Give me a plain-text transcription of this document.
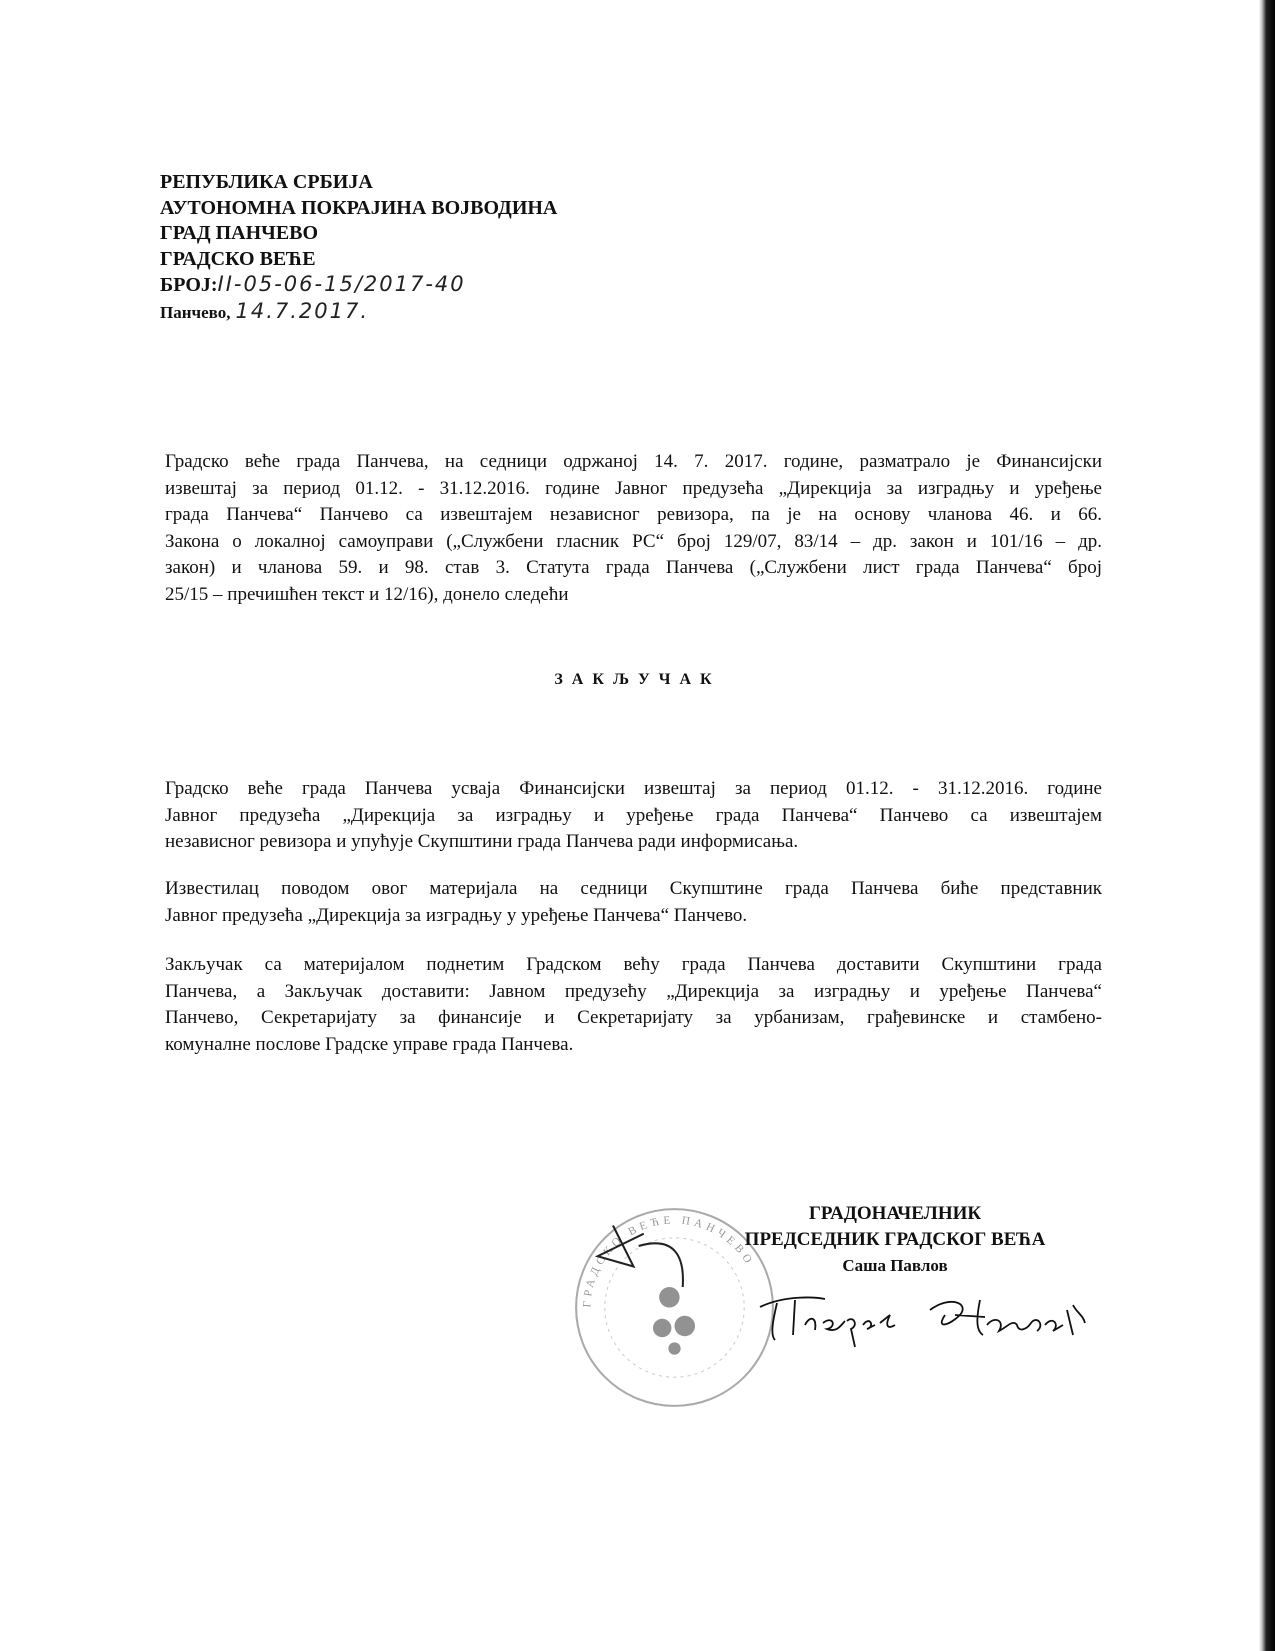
РЕПУБЛИКА СРБИЈА
АУТОНОМНА ПОКРАЈИНА ВОЈВОДИНА
ГРАД ПАНЧЕВО
ГРАДСКО ВЕЋЕ
БРОЈ:II-05-06-15/2017-40
Панчево, 14.7.2017.
Градско веће града Панчева, на седници одржаној 14. 7. 2017. године, разматрало је Финансијски
извештај за период 01.12. - 31.12.2016. године Јавног предузећа „Дирекција за изградњу и уређење
града Панчева“ Панчево са извештајем независног ревизора, па је на основу чланова 46. и 66.
Закона о локалној самоуправи („Службени гласник РС“ број 129/07, 83/14 – др. закон и 101/16 – др.
закон) и чланова 59. и 98. став 3. Статута града Панчева („Службени лист града Панчева“ број
25/15 – пречишћен текст и 12/16), донело следећи
ЗАКЉУЧАК
Градско веће града Панчева усваја Финансијски извештај за период 01.12. - 31.12.2016. године
Јавног предузећа „Дирекција за изградњу и уређење града Панчева“ Панчево са извештајем
независног ревизора и упућује Скупштини града Панчева ради информисања.
Известилац поводом овог материјала на седници Скупштине града Панчева биће представник
Јавног предузећа „Дирекција за изградњу у уређење Панчева“ Панчево.
Закључак са материјалом поднетим Градском већу града Панчева доставити Скупштини града
Панчева, а Закључак доставити: Јавном предузећу „Дирекција за изградњу и уређење Панчева“
Панчево, Секретаријату за финансије и Секретаријату за урбанизам, грађевинске и стамбено-
комуналне послове Градске управе града Панчева.
ГРАДСКО ВЕЋЕ ПАНЧЕВО
ГРАДОНАЧЕЛНИК
ПРЕДСЕДНИК ГРАДСКОГ ВЕЋА
Саша Павлов
